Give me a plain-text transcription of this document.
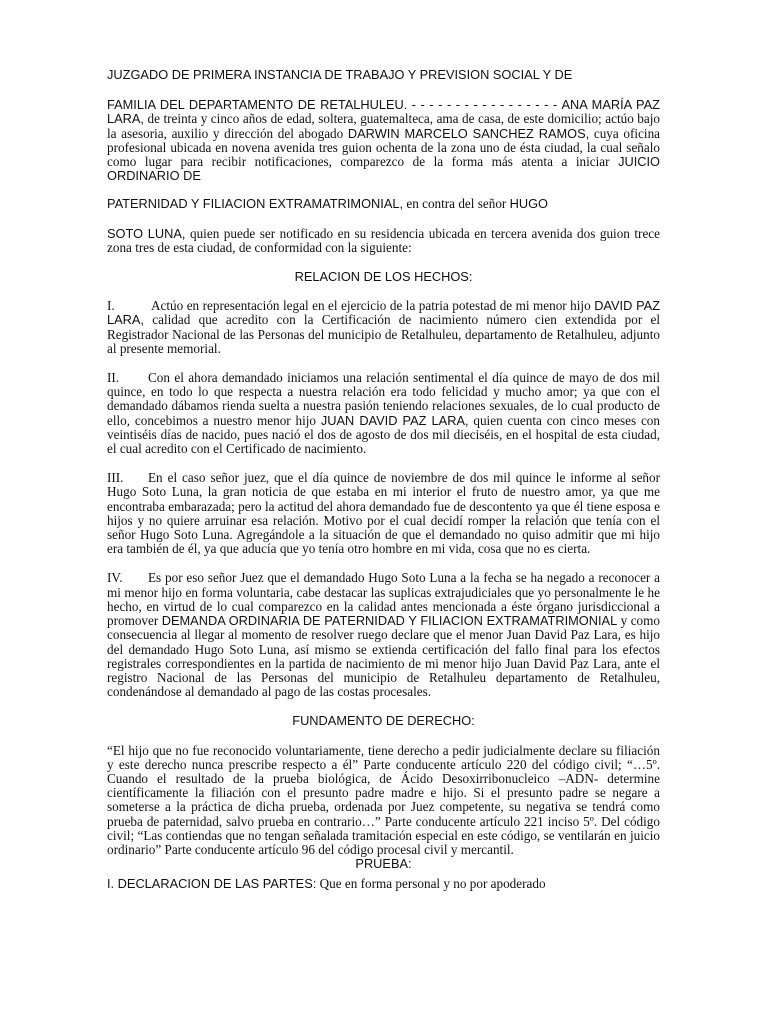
JUZGADO DE PRIMERA INSTANCIA DE TRABAJO Y PREVISION SOCIAL Y DE
FAMILIA DEL DEPARTAMENTO DE RETALHULEU. - - - - - - - - - - - - - - - - - ANA MARÍA PAZ LARA, de treinta y cinco años de edad, soltera, guatemalteca, ama de casa, de este domicilio; actúo bajo la asesoria, auxilio y dirección del abogado DARWIN MARCELO SANCHEZ RAMOS, cuya oficina profesional ubicada en novena avenida tres guion ochenta de la zona uno de ésta ciudad, la cual señalo como lugar para recibir notificaciones, comparezco de la forma más atenta a iniciar JUICIO ORDINARIO DE
PATERNIDAD Y FILIACION EXTRAMATRIMONIAL, en contra del señor HUGO
SOTO LUNA, quien puede ser notificado en su residencia ubicada en tercera avenida dos guion trece zona tres de esta ciudad, de conformidad con la siguiente:
RELACION DE LOS HECHOS:
I.	Actúo en representación legal en el ejercicio de la patria potestad de mi menor hijo DAVID PAZ LARA, calidad que acredito con la Certificación de nacimiento número cien extendida por el Registrador Nacional de las Personas del municipio de Retalhuleu, departamento de Retalhuleu, adjunto al presente memorial.
II. Con el ahora demandado iniciamos una relación sentimental el día quince de mayo de dos mil quince, en todo lo que respecta a nuestra relación era todo felicidad y mucho amor; ya que con el demandado dábamos rienda suelta a nuestra pasión teniendo relaciones sexuales, de lo cual producto de ello, concebimos a nuestro menor hijo JUAN DAVID PAZ LARA, quien cuenta con cinco meses con veintiséis días de nacido, pues nació el dos de agosto de dos mil dieciséis, en el hospital de esta ciudad, el cual acredito con el Certificado de nacimiento.
III. En el caso señor juez, que el día quince de noviembre de dos mil quince le informe al señor Hugo Soto Luna, la gran noticia de que estaba en mi interior el fruto de nuestro amor, ya que me encontraba embarazada; pero la actitud del ahora demandado fue de descontento ya que él tiene esposa e hijos y no quiere arruinar esa relación. Motivo por el cual decidí romper la relación que tenía con el señor Hugo Soto Luna. Agregándole a la situación de que el demandado no quiso admitir que mi hijo era también de él, ya que aducía que yo tenía otro hombre en mi vida, cosa que no es cierta.
IV. Es por eso señor Juez que el demandado Hugo Soto Luna a la fecha se ha negado a reconocer a mi menor hijo en forma voluntaria, cabe destacar las suplicas extrajudiciales que yo personalmente le he hecho, en virtud de lo cual comparezco en la calidad antes mencionada a éste órgano jurisdiccional a promover DEMANDA ORDINARIA DE PATERNIDAD Y FILIACION EXTRAMATRIMONIAL y como consecuencia al llegar al momento de resolver ruego declare que el menor Juan David Paz Lara, es hijo del demandado Hugo Soto Luna, así mismo se extienda certificación del fallo final para los efectos registrales correspondientes en la partida de nacimiento de mi menor hijo Juan David Paz Lara, ante el registro Nacional de las Personas del municipio de Retalhuleu departamento de Retalhuleu, condenándose al demandado al pago de las costas procesales.
FUNDAMENTO DE DERECHO:
“El hijo que no fue reconocido voluntariamente, tiene derecho a pedir judicialmente declare su filiación y este derecho nunca prescribe respecto a él” Parte conducente artículo 220 del código civil; “…5º. Cuando el resultado de la prueba biológica, de Ácido Desoxirribonucleico –ADN- determine científicamente la filiación con el presunto padre madre e hijo. Si el presunto padre se negare a someterse a la práctica de dicha prueba, ordenada por Juez competente, su negativa se tendrá como prueba de paternidad, salvo prueba en contrario…” Parte conducente artículo 221 inciso 5º. Del código civil; “Las contiendas que no tengan señalada tramitación especial en este código, se ventilarán en juicio ordinario” Parte conducente artículo 96 del código procesal civil y mercantil.
PRUEBA:
I. DECLARACION DE LAS PARTES: Que en forma personal y no por apoderado
